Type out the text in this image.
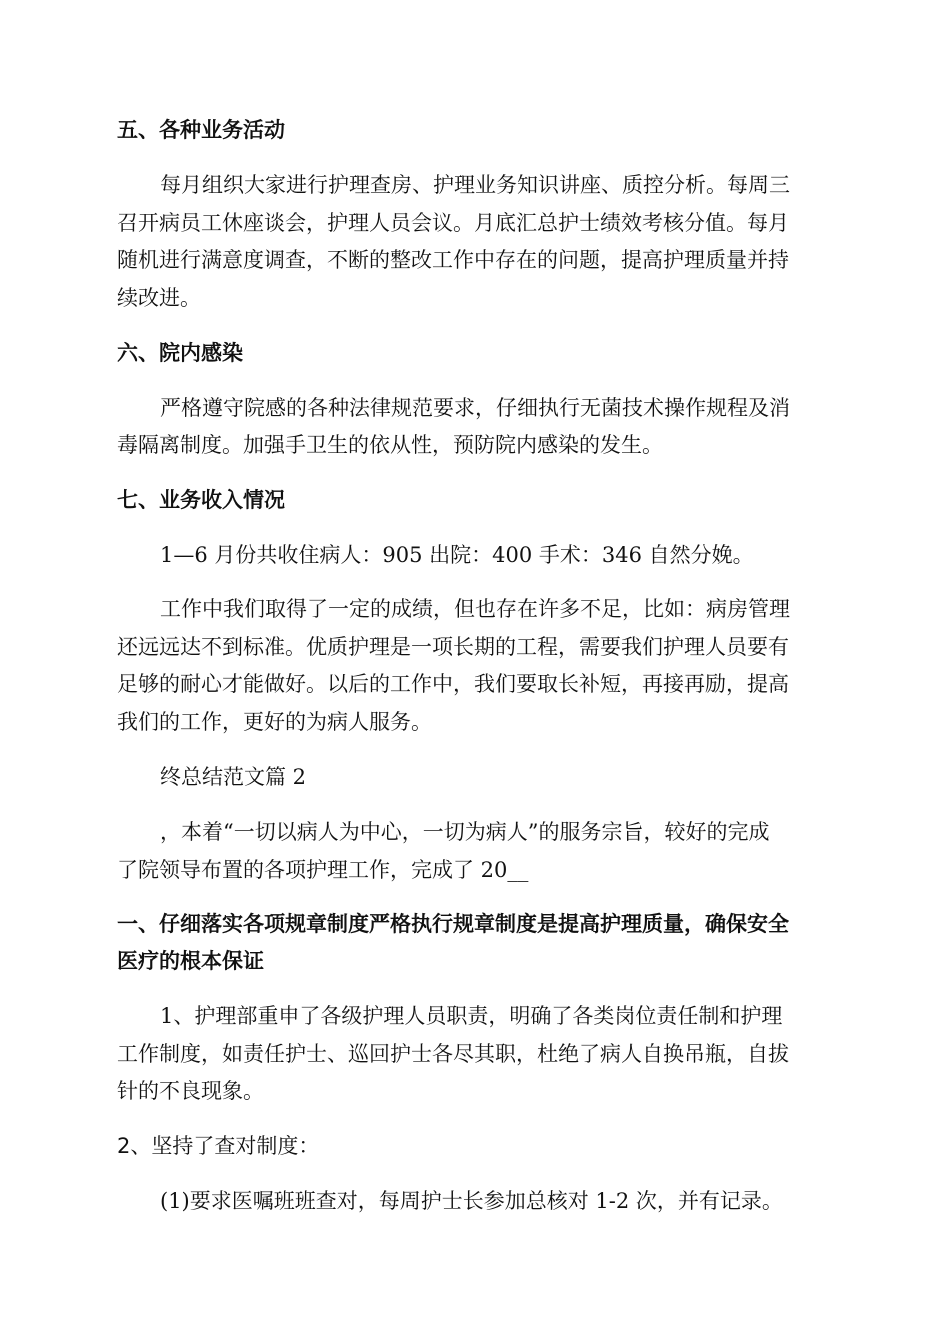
五、各种业务活动
每月组织大家进行护理查房、护理业务知识讲座、质控分析。每周三
召开病员工休座谈会，护理人员会议。月底汇总护士绩效考核分值。每月
随机进行满意度调查，不断的整改工作中存在的问题，提高护理质量并持
续改进。
六、院内感染
严格遵守院感的各种法律规范要求，仔细执行无菌技术操作规程及消
毒隔离制度。加强手卫生的依从性，预防院内感染的发生。
七、业务收入情况
1—6 月份共收住病人：905 出院：400 手术：346 自然分娩。
工作中我们取得了一定的成绩，但也存在许多不足，比如：病房管理
还远远达不到标准。优质护理是一项长期的工程，需要我们护理人员要有
足够的耐心才能做好。以后的工作中，我们要取长补短，再接再励，提高
我们的工作，更好的为病人服务。
终总结范文篇 2
，本着“一切以病人为中心，一切为病人”的服务宗旨，较好的完成
了院领导布置的各项护理工作，完成了 20__
一、仔细落实各项规章制度严格执行规章制度是提高护理质量，确保安全
医疗的根本保证
1、护理部重申了各级护理人员职责，明确了各类岗位责任制和护理
工作制度，如责任护士、巡回护士各尽其职，杜绝了病人自换吊瓶，自拔
针的不良现象。
2、坚持了查对制度：
(1)要求医嘱班班查对，每周护士长参加总核对 1-2 次，并有记录。
